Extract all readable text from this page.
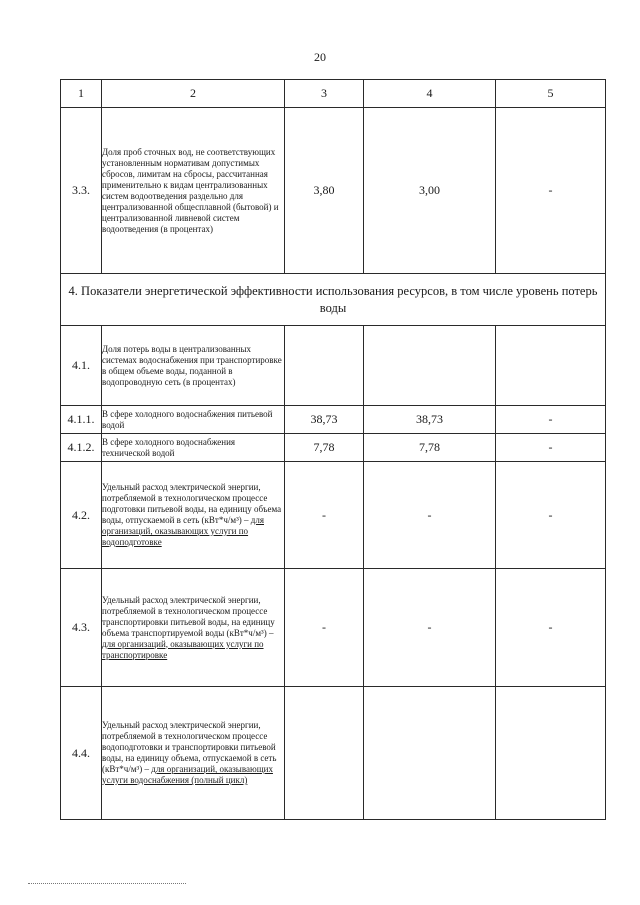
20
1	2	3	4	5
3.3.	Доля проб сточных вод, не соответствующих установленным нормативам допустимых сбросов, лимитам на сбросы, рассчитанная применительно к видам централизованных систем водоотведения раздельно для централизованной общесплавной (бытовой) и централизованной ливневой систем водоотведения (в процентах)	3,80	3,00	-
4. Показатели энергетической эффективности использования ресурсов, в том числе уровень потерь воды				
4.1.	Доля потерь воды в централизованных системах водоснабжения при транспортировке в общем объеме воды, поданной в водопроводную сеть (в процентах)			
4.1.1.	В сфере холодного водоснабжения питьевой водой	38,73	38,73	-
4.1.2.	В сфере холодного водоснабжения технической водой	7,78	7,78	-
4.2.	Удельный расход электрической энергии, потребляемой в технологическом процессе подготовки питьевой воды, на единицу объема воды, отпускаемой в сеть (кВт*ч/м³) – для организаций, оказывающих услуги по водоподготовке	-	-	-
4.3.	Удельный расход электрической энергии, потребляемой в технологическом процессе транспортировки питьевой воды, на единицу объема транспортируемой воды (кВт*ч/м³) – для организаций, оказывающих услуги по транспортировке	-	-	-
4.4.	Удельный расход электрической энергии, потребляемой в технологическом процессе водоподготовки и транспортировки питьевой воды, на единицу объема, отпускаемой в сеть (кВт*ч/м³) – для организаций, оказывающих услуги водоснабжения (полный цикл)			
